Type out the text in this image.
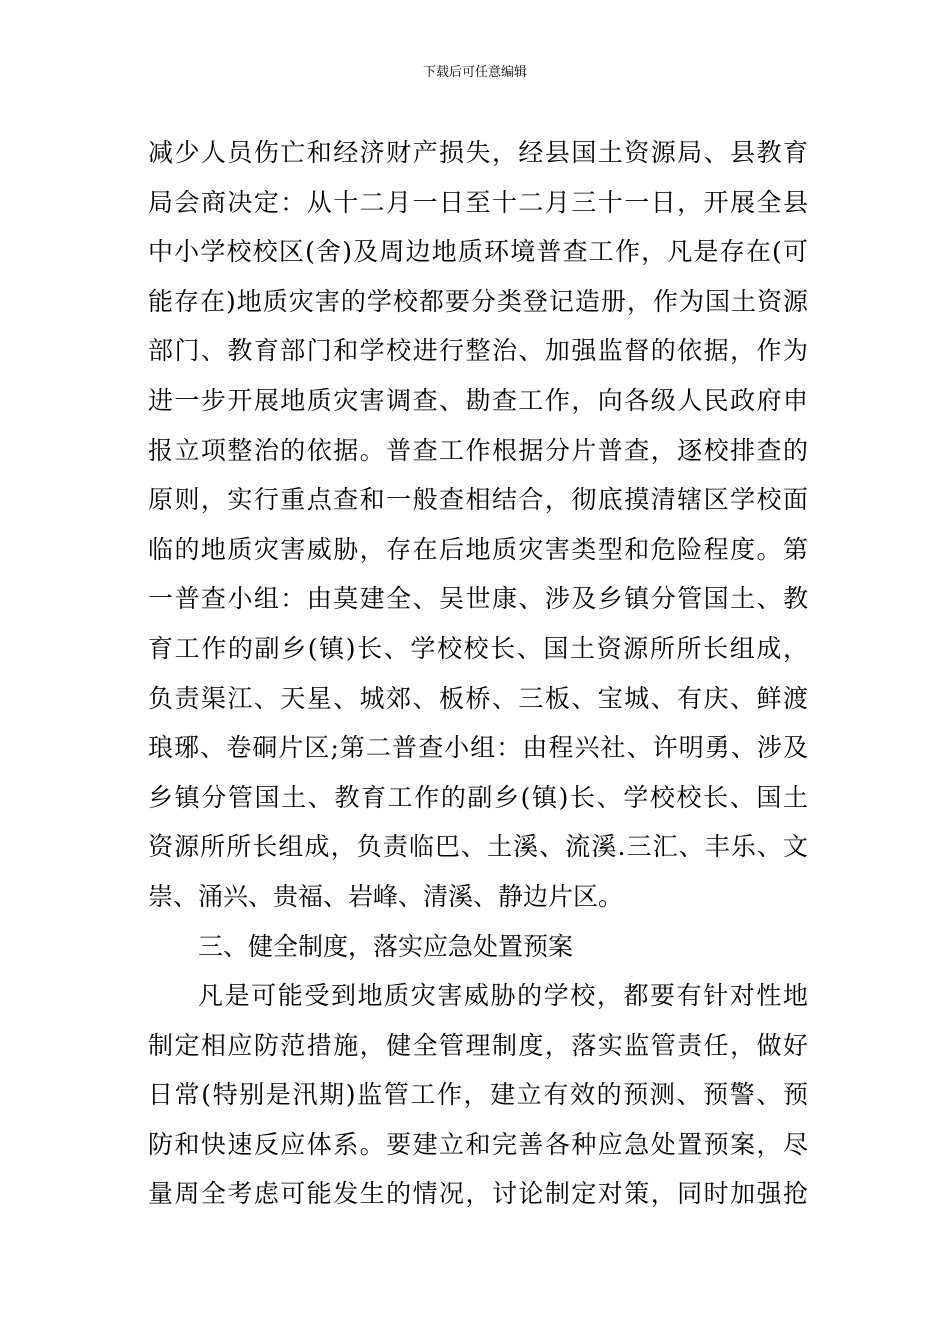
下载后可任意编辑
减少人员伤亡和经济财产损失，经县国土资源局、县教育
局会商决定：从十二月一日至十二月三十一日，开展全县
中小学校校区(舍)及周边地质环境普查工作，凡是存在(可
能存在)地质灾害的学校都要分类登记造册，作为国土资源
部门、教育部门和学校进行整治、加强监督的依据，作为
进一步开展地质灾害调查、勘查工作，向各级人民政府申
报立项整治的依据。普查工作根据分片普查，逐校排查的
原则，实行重点查和一般查相结合，彻底摸清辖区学校面
临的地质灾害威胁，存在后地质灾害类型和危险程度。第
一普查小组：由莫建全、吴世康、涉及乡镇分管国土、教
育工作的副乡(镇)长、学校校长、国土资源所所长组成，
负责渠江、天星、城郊、板桥、三板、宝城、有庆、鲜渡
琅琊、卷硐片区;第二普查小组：由程兴社、许明勇、涉及
乡镇分管国土、教育工作的副乡(镇)长、学校校长、国土
资源所所长组成，负责临巴、土溪、流溪.三汇、丰乐、文
崇、涌兴、贵福、岩峰、清溪、静边片区。
三、健全制度，落实应急处置预案
凡是可能受到地质灾害威胁的学校，都要有针对性地
制定相应防范措施，健全管理制度，落实监管责任，做好
日常(特别是汛期)监管工作，建立有效的预测、预警、预
防和快速反应体系。要建立和完善各种应急处置预案，尽
量周全考虑可能发生的情况，讨论制定对策，同时加强抢
